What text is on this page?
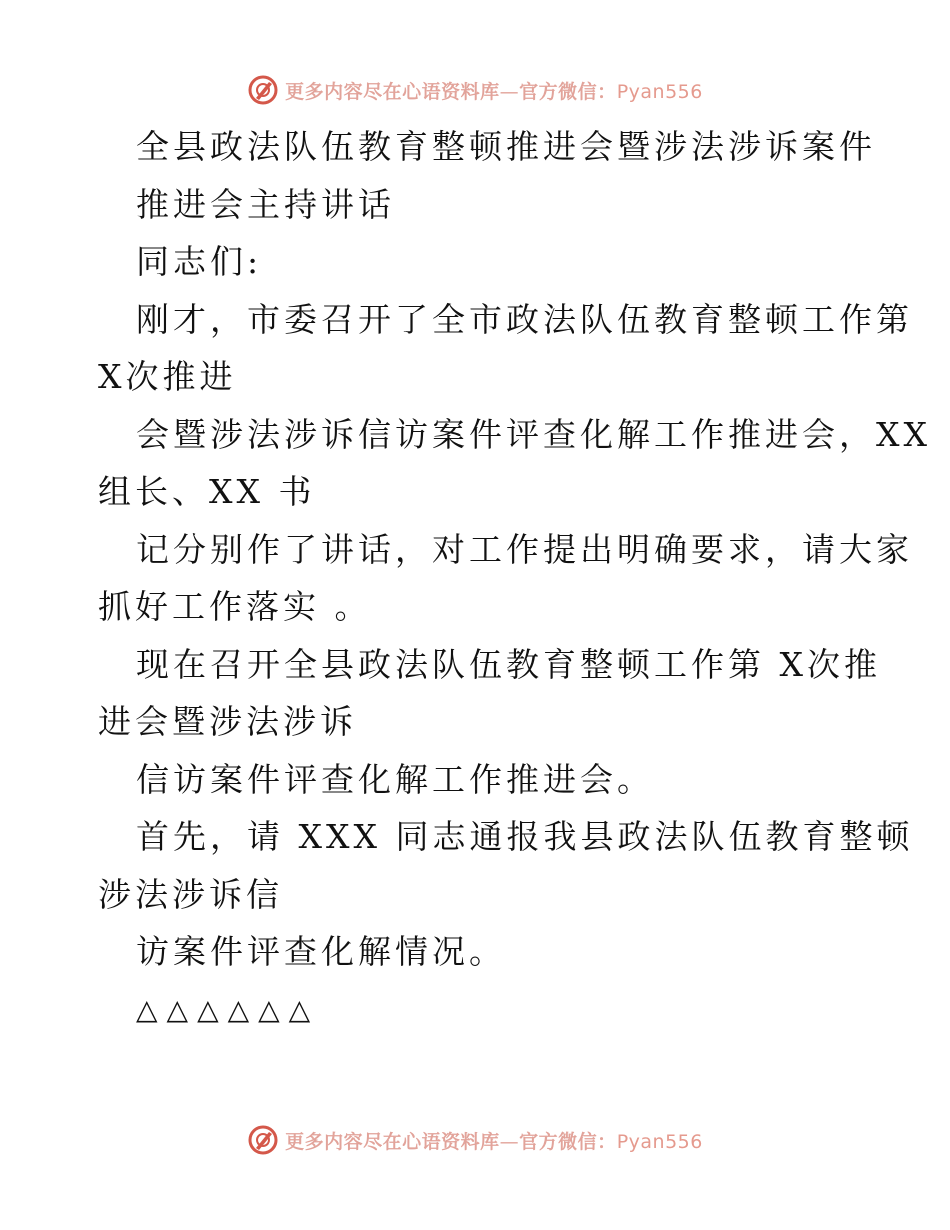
更多内容尽在心语资料库—官方微信：Pyan556
全县政法队伍教育整顿推进会暨涉法涉诉案件
推进会主持讲话
同志们:
刚才，市委召开了全市政法队伍教育整顿工作第
X次推进
会暨涉法涉诉信访案件评查化解工作推进会，XX
组长、XX 书
记分别作了讲话，对工作提出明确要求，请大家
抓好工作落实 。
现在召开全县政法队伍教育整顿工作第 X次推
进会暨涉法涉诉
信访案件评查化解工作推进会。
首先，请 XXX 同志通报我县政法队伍教育整顿
涉法涉诉信
访案件评查化解情况。
△△△△△△
更多内容尽在心语资料库—官方微信：Pyan556
